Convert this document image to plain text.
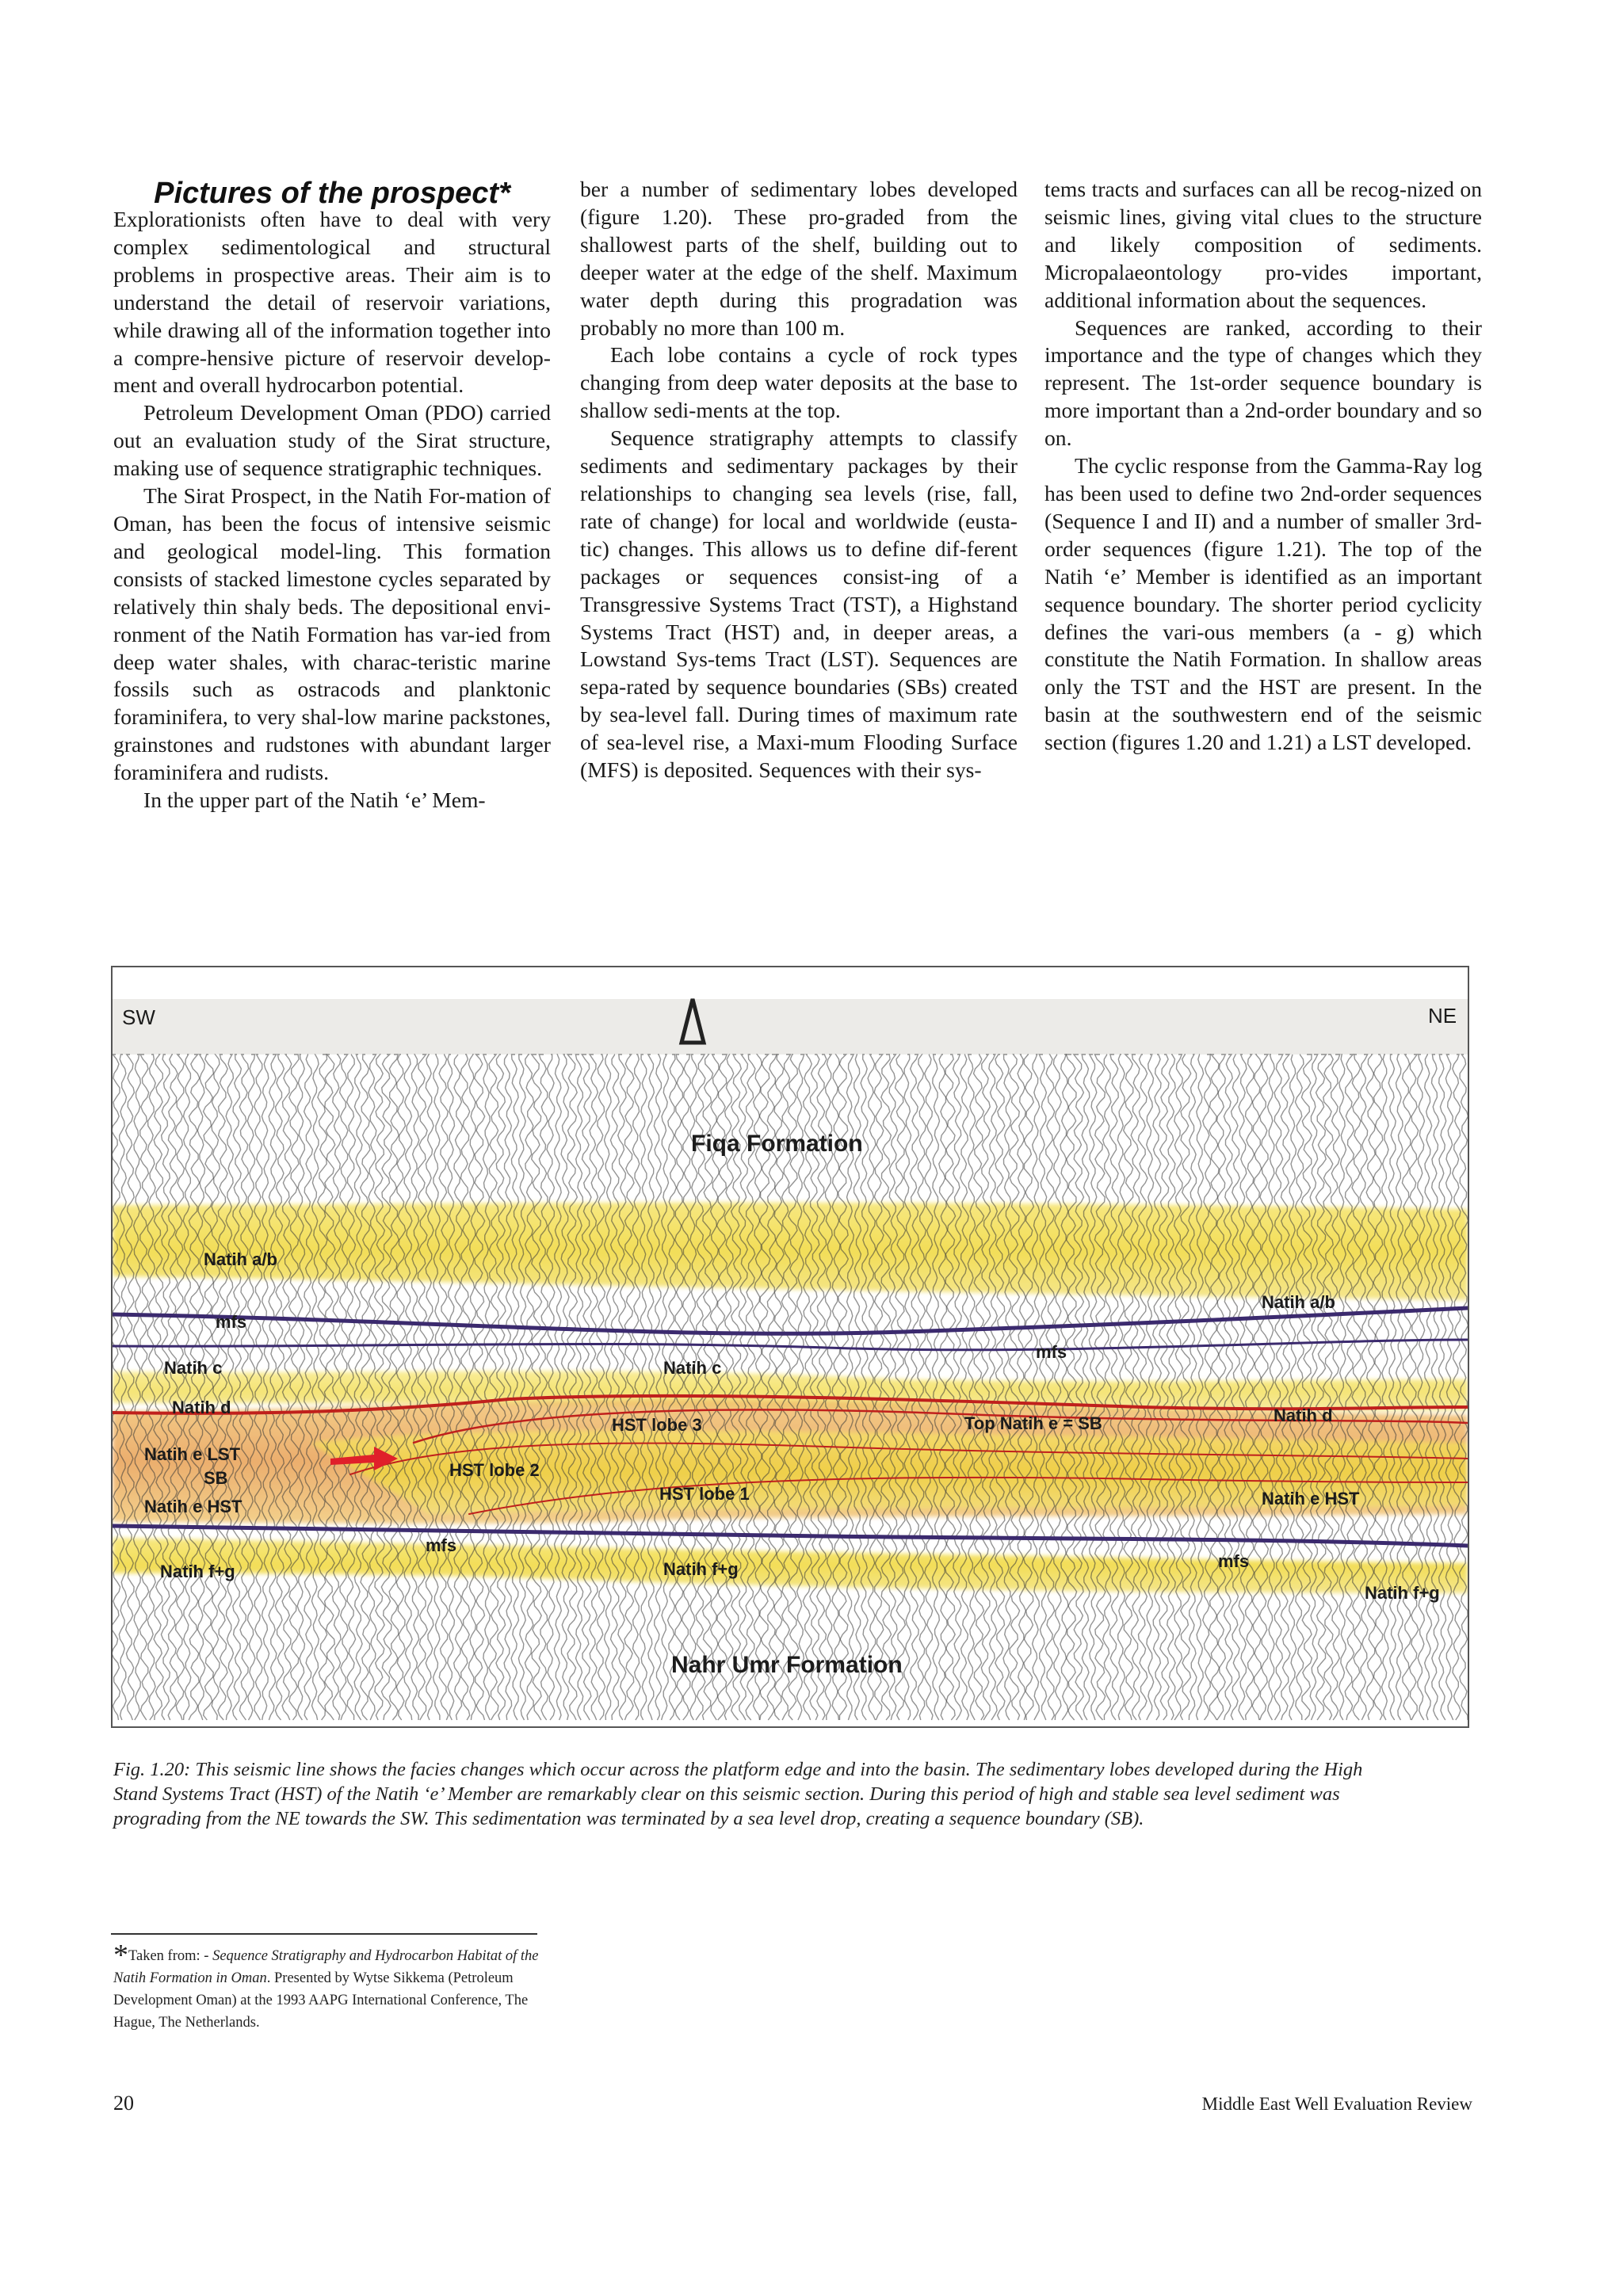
Pictures of the prospect*

Explorationists often have to deal with very complex sedimentological and structural problems in prospective areas. Their aim is to understand the detail of reservoir variations, while drawing all of the information together into a compre-hensive picture of reservoir develop-ment and overall hydrocarbon potential.

Petroleum Development Oman (PDO) carried out an evaluation study of the Sirat structure, making use of sequence stratigraphic techniques.

The Sirat Prospect, in the Natih For-mation of Oman, has been the focus of intensive seismic and geological model-ling. This formation consists of stacked limestone cycles separated by relatively thin shaly beds. The depositional envi-ronment of the Natih Formation has var-ied from deep water shales, with charac-teristic marine fossils such as ostracods and planktonic foraminifera, to very shal-low marine packstones, grainstones and rudstones with abundant larger foraminifera and rudists.

In the upper part of the Natih ‘e’ Mem-

ber a number of sedimentary lobes developed (figure 1.20). These pro-graded from the shallowest parts of the shelf, building out to deeper water at the edge of the shelf. Maximum water depth during this progradation was probably no more than 100 m.

Each lobe contains a cycle of rock types changing from deep water deposits at the base to shallow sedi-ments at the top.

Sequence stratigraphy attempts to classify sediments and sedimentary packages by their relationships to changing sea levels (rise, fall, rate of change) for local and worldwide (eusta-tic) changes. This allows us to define dif-ferent packages or sequences consist-ing of a Transgressive Systems Tract (TST), a Highstand Systems Tract (HST) and, in deeper areas, a Lowstand Sys-tems Tract (LST). Sequences are sepa-rated by sequence boundaries (SBs) created by sea-level fall. During times of maximum rate of sea-level rise, a Maxi-mum Flooding Surface (MFS) is deposited. Sequences with their sys-

tems tracts and surfaces can all be recog-nized on seismic lines, giving vital clues to the structure and likely composition of sediments. Micropalaeontology pro-vides important, additional information about the sequences.

Sequences are ranked, according to their importance and the type of changes which they represent. The 1st-order sequence boundary is more important than a 2nd-order boundary and so on.

The cyclic response from the Gamma-Ray log has been used to define two 2nd-order sequences (Sequence I and II) and a number of smaller 3rd-order sequences (figure 1.21). The top of the Natih ‘e’ Member is identified as an important sequence boundary. The shorter period cyclicity defines the vari-ous members (a - g) which constitute the Natih Formation. In shallow areas only the TST and the HST are present. In the basin at the southwestern end of the seismic section (figures 1.20 and 1.21) a LST developed.

SW	NE
Fiqa Formation
Nahr Umr Formation
Natih a/b
Natih a/b
mfs
mfs
mfs
mfs
Natih c	Natih c
Natih d	Natih d
HST lobe 3
HST lobe 2
HST lobe 1
Top Natih e = SB
Natih e LST
SB
Natih e HST	Natih e HST
Natih f+g	Natih f+g
Natih f+g
Fig. 1.20: This seismic line shows the facies changes which occur across the platform edge and into the basin. The sedimentary lobes developed during the High Stand Systems Tract (HST) of the Natih ‘e’ Member are remarkably clear on this seismic section. During this period of high and stable sea level sediment was prograding from the NE towards the SW. This sedimentation was terminated by a sea level drop, creating a sequence boundary (SB).
*Taken from: - Sequence Stratigraphy and Hydrocarbon Habitat of the Natih Formation in Oman. Presented by Wytse Sikkema (Petroleum Development Oman) at the 1993 AAPG International Conference, The Hague, The Netherlands.
20	Middle East Well Evaluation Review
